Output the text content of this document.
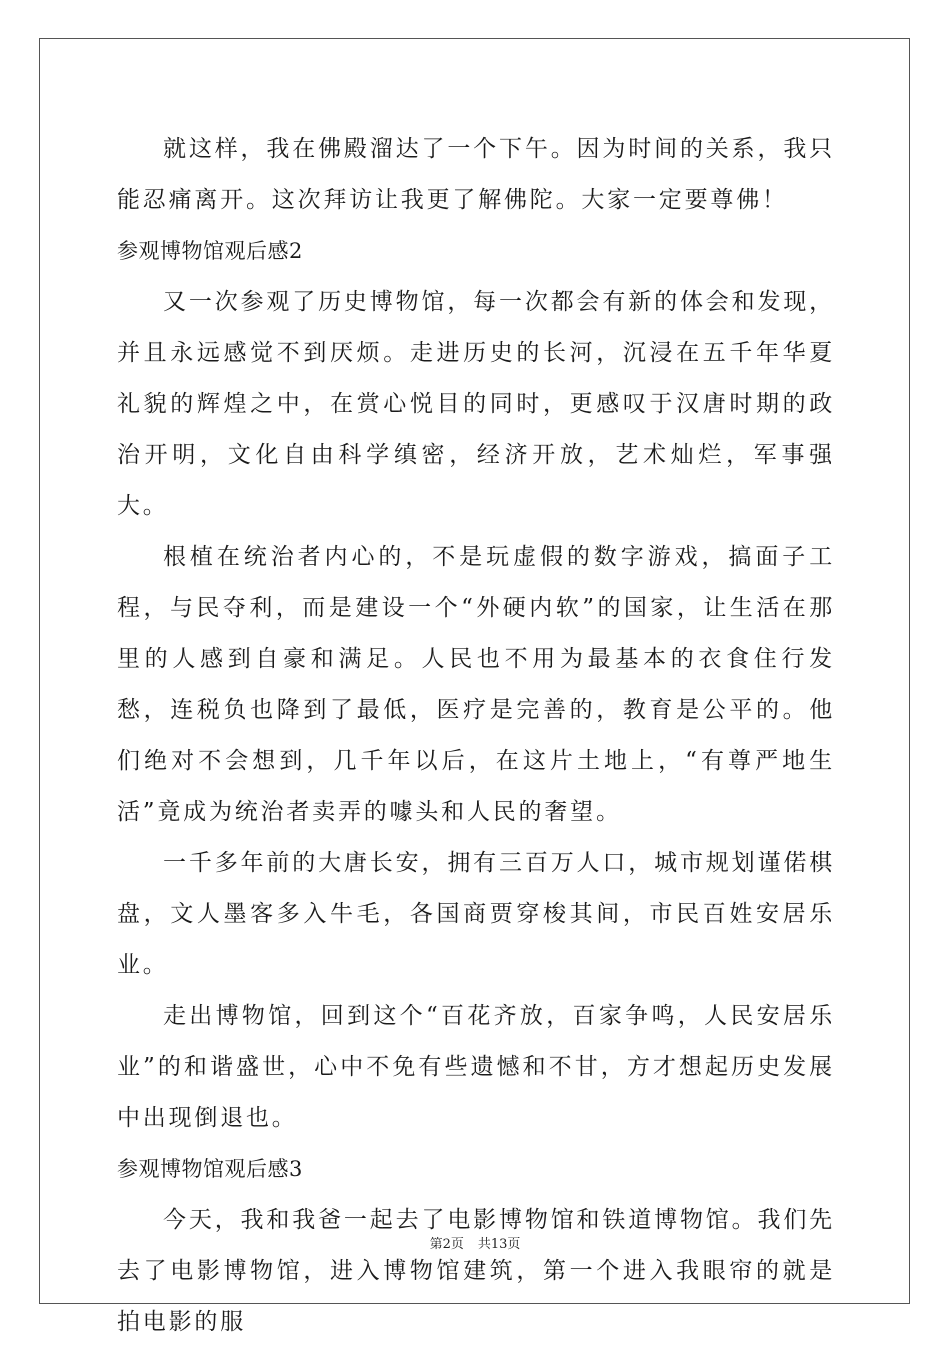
就这样，我在佛殿溜达了一个下午。因为时间的关系，我只能忍痛离开。这次拜访让我更了解佛陀。大家一定要尊佛！

参观博物馆观后感2

又一次参观了历史博物馆，每一次都会有新的体会和发现，并且永远感觉不到厌烦。走进历史的长河，沉浸在五千年华夏礼貌的辉煌之中，在赏心悦目的同时，更感叹于汉唐时期的政治开明，文化自由科学缜密，经济开放，艺术灿烂，军事强大。

根植在统治者内心的，不是玩虚假的数字游戏，搞面子工程，与民夺利，而是建设一个“外硬内软”的国家，让生活在那里的人感到自豪和满足。人民也不用为最基本的衣食住行发愁，连税负也降到了最低，医疗是完善的，教育是公平的。他们绝对不会想到，几千年以后，在这片土地上，“有尊严地生活”竟成为统治者卖弄的噱头和人民的奢望。

一千多年前的大唐长安，拥有三百万人口，城市规划谨偌棋盘，文人墨客多入牛毛，各国商贾穿梭其间，市民百姓安居乐业。

走出博物馆，回到这个“百花齐放，百家争鸣，人民安居乐业”的和谐盛世，心中不免有些遗憾和不甘，方才想起历史发展中出现倒退也。

参观博物馆观后感3

今天，我和我爸一起去了电影博物馆和铁道博物馆。我们先去了电影博物馆，进入博物馆建筑，第一个进入我眼帘的就是拍电影的服

第2页 共13页
